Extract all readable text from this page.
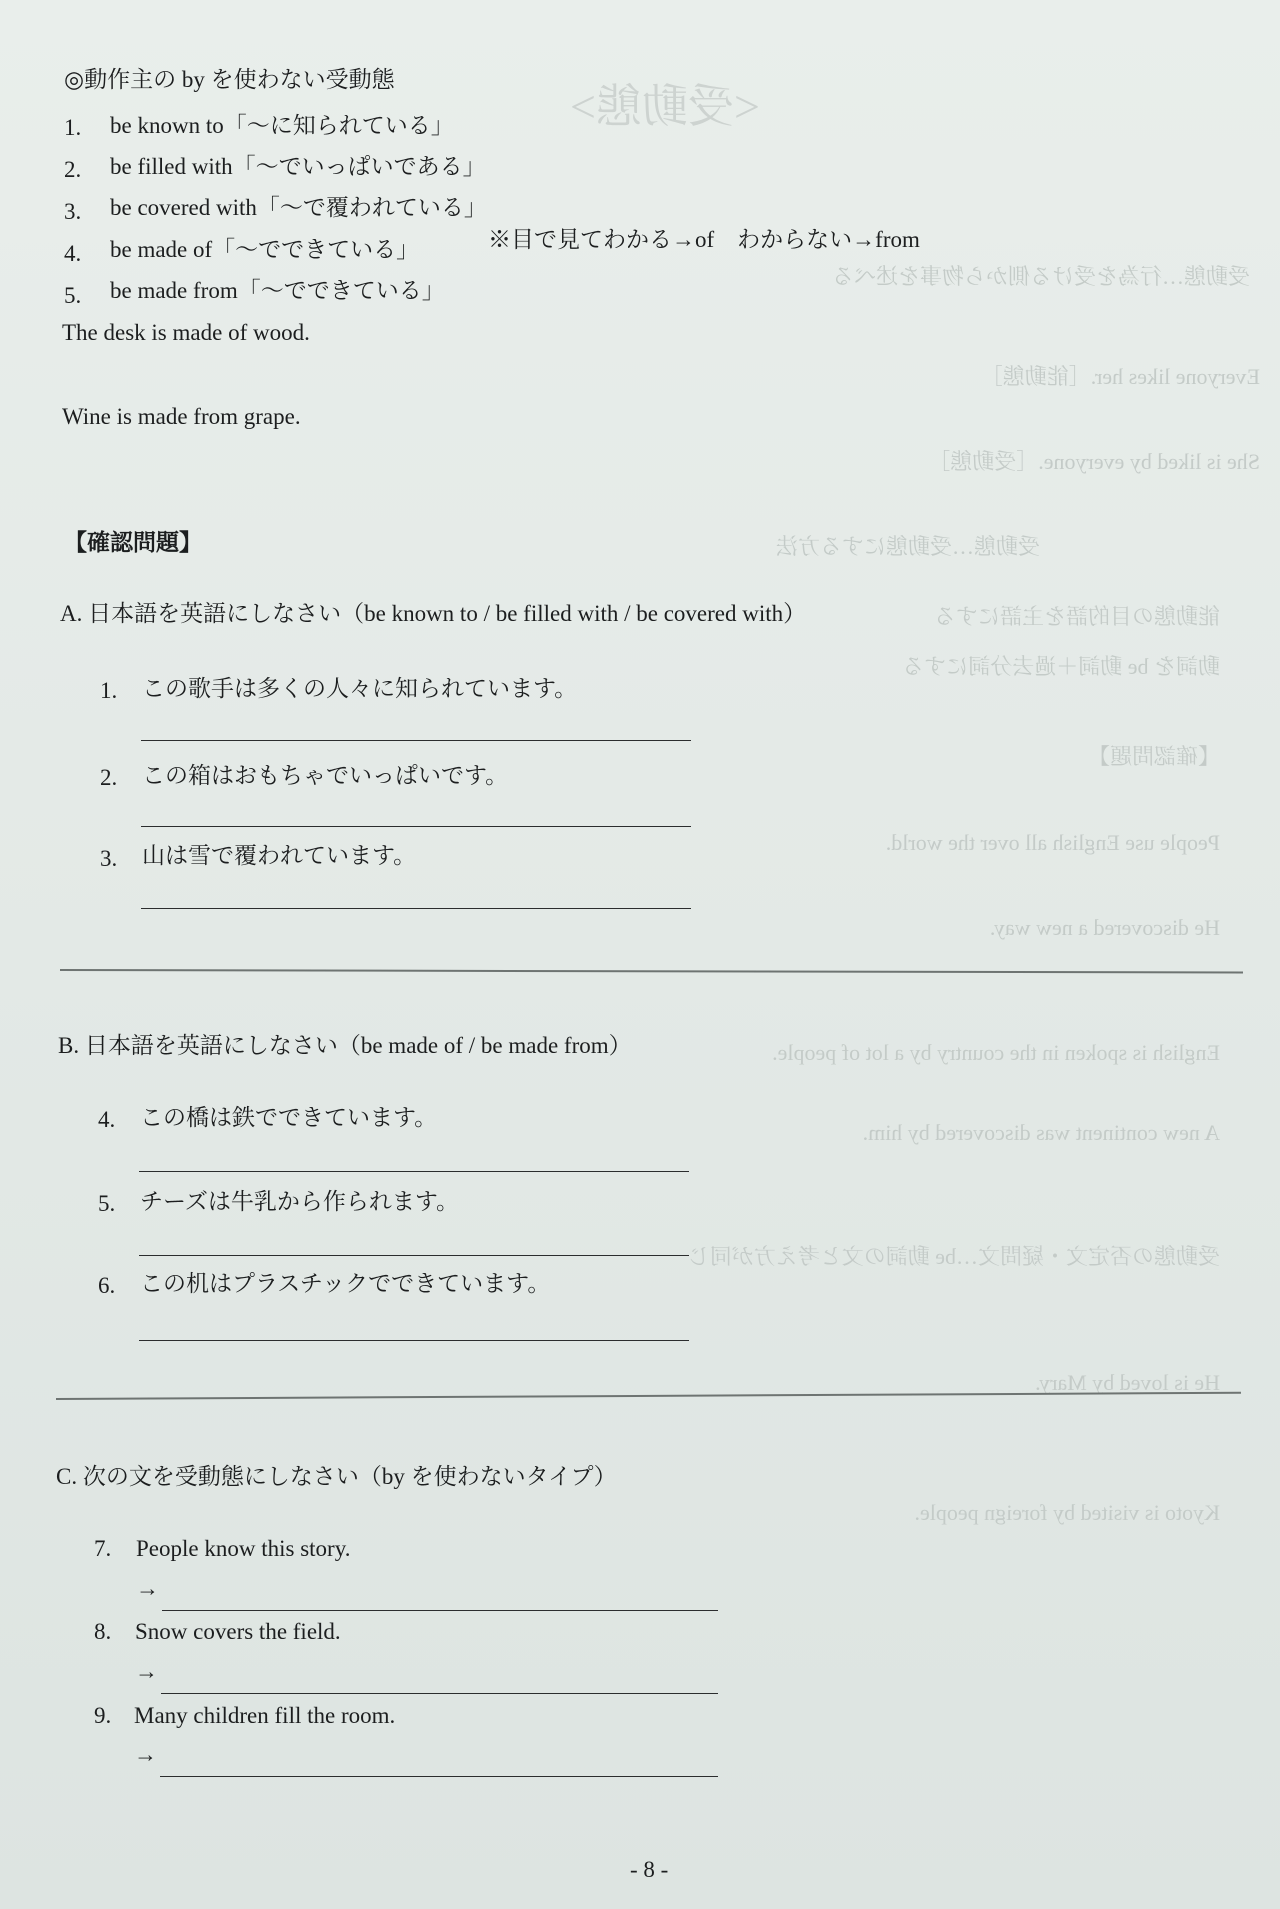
<受動態>
受動態…行為を受ける側から物事を述べる
Everyone likes her.［能動態］
She is liked by everyone.［受動態］
受動態…受動態にする方法
能動態の目的語を主語にする
動詞を be 動詞＋過去分詞にする
【確認問題】
People use English all over the world.
He discovered a new way.
English is spoken in the country by a lot of people.
A new continent was discovered by him.
受動態の否定文・疑問文…be 動詞の文と考え方が同じ
He is loved by Mary.
Kyoto is visited by foreign people.
◎動作主の by を使わない受動態
1. be known to「～に知られている」
2. be filled with「～でいっぱいである」
3. be covered with「～で覆われている」
4. be made of「～でできている」	※目で見てわかる→of　わからない→from
5. be made from「～でできている」
The desk is made of wood.
Wine is made from grape.
【確認問題】
A. 日本語を英語にしなさい（be known to / be filled with / be covered with）
1. この歌手は多くの人々に知られています。
2. この箱はおもちゃでいっぱいです。
3. 山は雪で覆われています。
B. 日本語を英語にしなさい（be made of / be made from）
4. この橋は鉄でできています。
5. チーズは牛乳から作られます。
6. この机はプラスチックでできています。
C. 次の文を受動態にしなさい（by を使わないタイプ）
7. People know this story.
→
8. Snow covers the field.
→
9. Many children fill the room.
→
- 8 -
